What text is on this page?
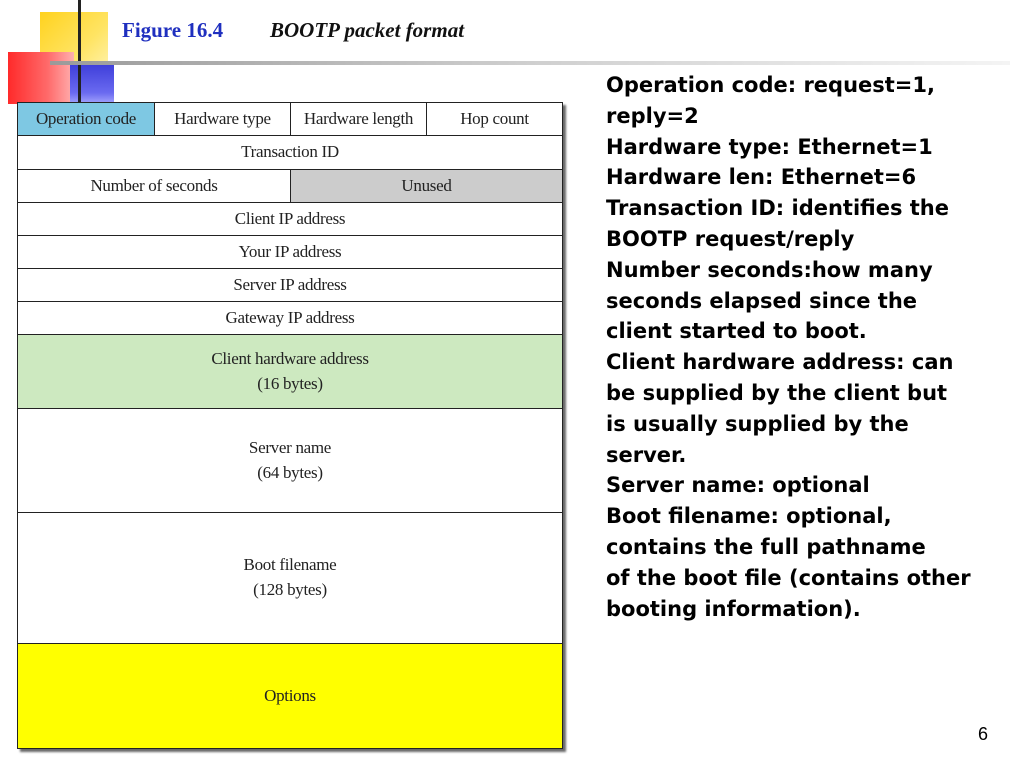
Figure 16.4 BOOTP packet format
Operation code Hardware type Hardware length	Hop count
Transaction ID
Number of seconds	Unused
Client IP address
Your IP address
Server IP address
Gateway IP address
Client hardware address
(16 bytes)
Server name
(64 bytes)
Boot filename
(128 bytes)
Options
Operation code: request=1,
reply=2
Hardware type: Ethernet=1
Hardware len: Ethernet=6
Transaction ID: identifies the
BOOTP request/reply
Number seconds:how many
seconds elapsed since the
client started to boot.
Client hardware address: can
be supplied by the client but
is usually supplied by the
server.
Server name: optional
Boot filename: optional,
contains the full pathname
of the boot file (contains other
booting information).
6
